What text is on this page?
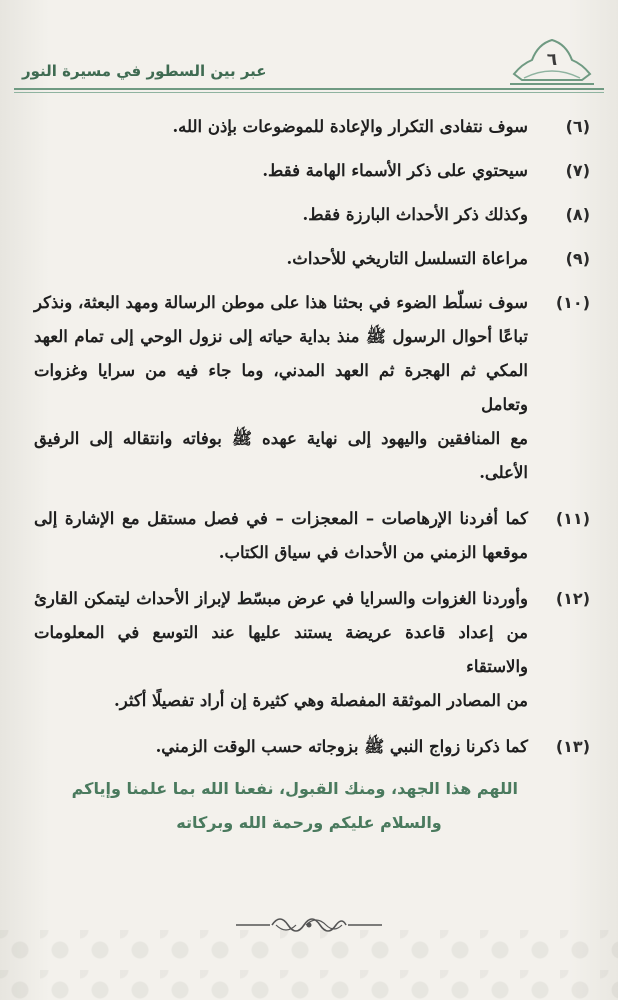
٦
عبر بين السطور في مسيرة النور
(٦)
سوف نتفادى التكرار والإعادة للموضوعات بإذن الله.
(٧)
سيحتوي على ذكر الأسماء الهامة فقط.
(٨)
وكذلك ذكر الأحداث البارزة فقط.
(٩)
مراعاة التسلسل التاريخي للأحداث.
(١٠)
سوف نسلّط الضوء في بحثنا هذا على موطن الرسالة ومهد البعثة، ونذكر
تباعًا أحوال الرسول ﷺ منذ بداية حياته إلى نزول الوحي إلى تمام العهد
المكي ثم الهجرة ثم العهد المدني، وما جاء فيه من سرايا وغزوات وتعامل
مع المنافقين واليهود إلى نهاية عهده ﷺ بوفاته وانتقاله إلى الرفيق الأعلى.
(١١)
كما أفردنا الإرهاصات – المعجزات – في فصل مستقل مع الإشارة إلى
موقعها الزمني من الأحداث في سياق الكتاب.
(١٢)
وأوردنا الغزوات والسرايا في عرض مبسّط لإبراز الأحداث ليتمكن القارئ
من إعداد قاعدة عريضة يستند عليها عند التوسع في المعلومات والاستقاء
من المصادر الموثقة المفصلة وهي كثيرة إن أراد تفصيلًا أكثر.
(١٣)
كما ذكرنا زواج النبي ﷺ بزوجاته حسب الوقت الزمني.
اللهم هذا الجهد، ومنك القبول، نفعنا الله بما علمنا وإياكم
والسلام عليكم ورحمة الله وبركاته
